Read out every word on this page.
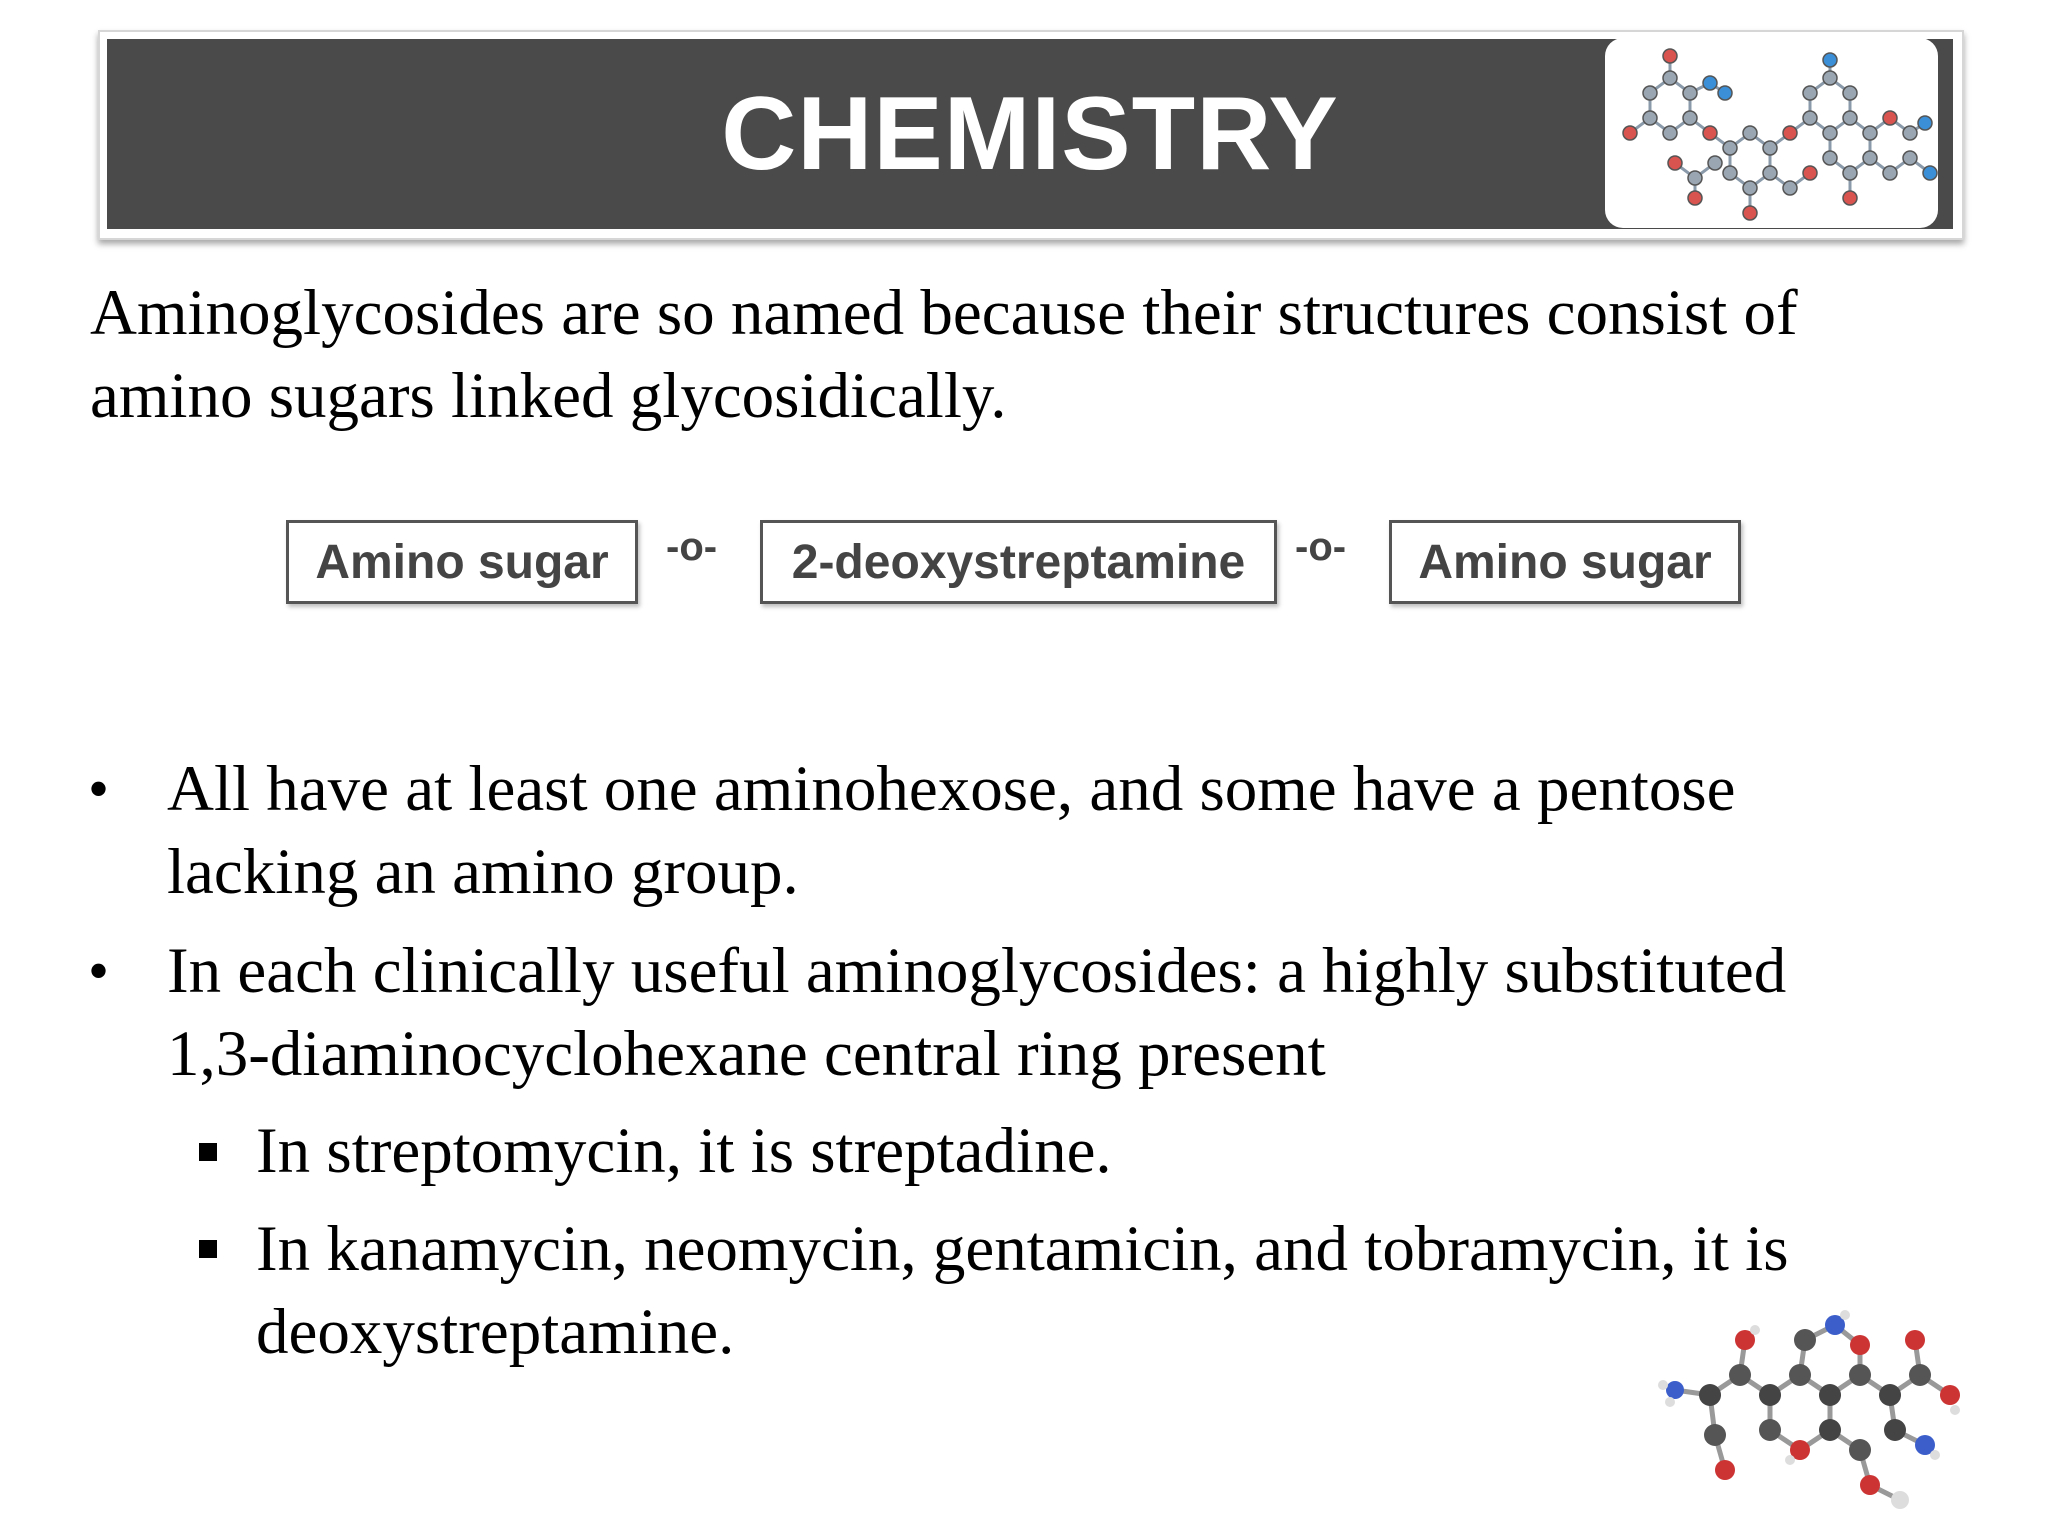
CHEMISTRY

Aminoglycosides are so named because their structures consist of
amino sugars linked glycosidically.

Amino sugar	-o-	2-deoxystreptamine	-o-	Amino sugar
• All have at least one aminohexose, and some have a pentose

lacking an amino group.

• In each clinically useful aminoglycosides: a highly substituted

1,3-diaminocyclohexane central ring present

In streptomycin, it is streptadine.

In kanamycin, neomycin, gentamicin, and tobramycin, it is

deoxystreptamine.
